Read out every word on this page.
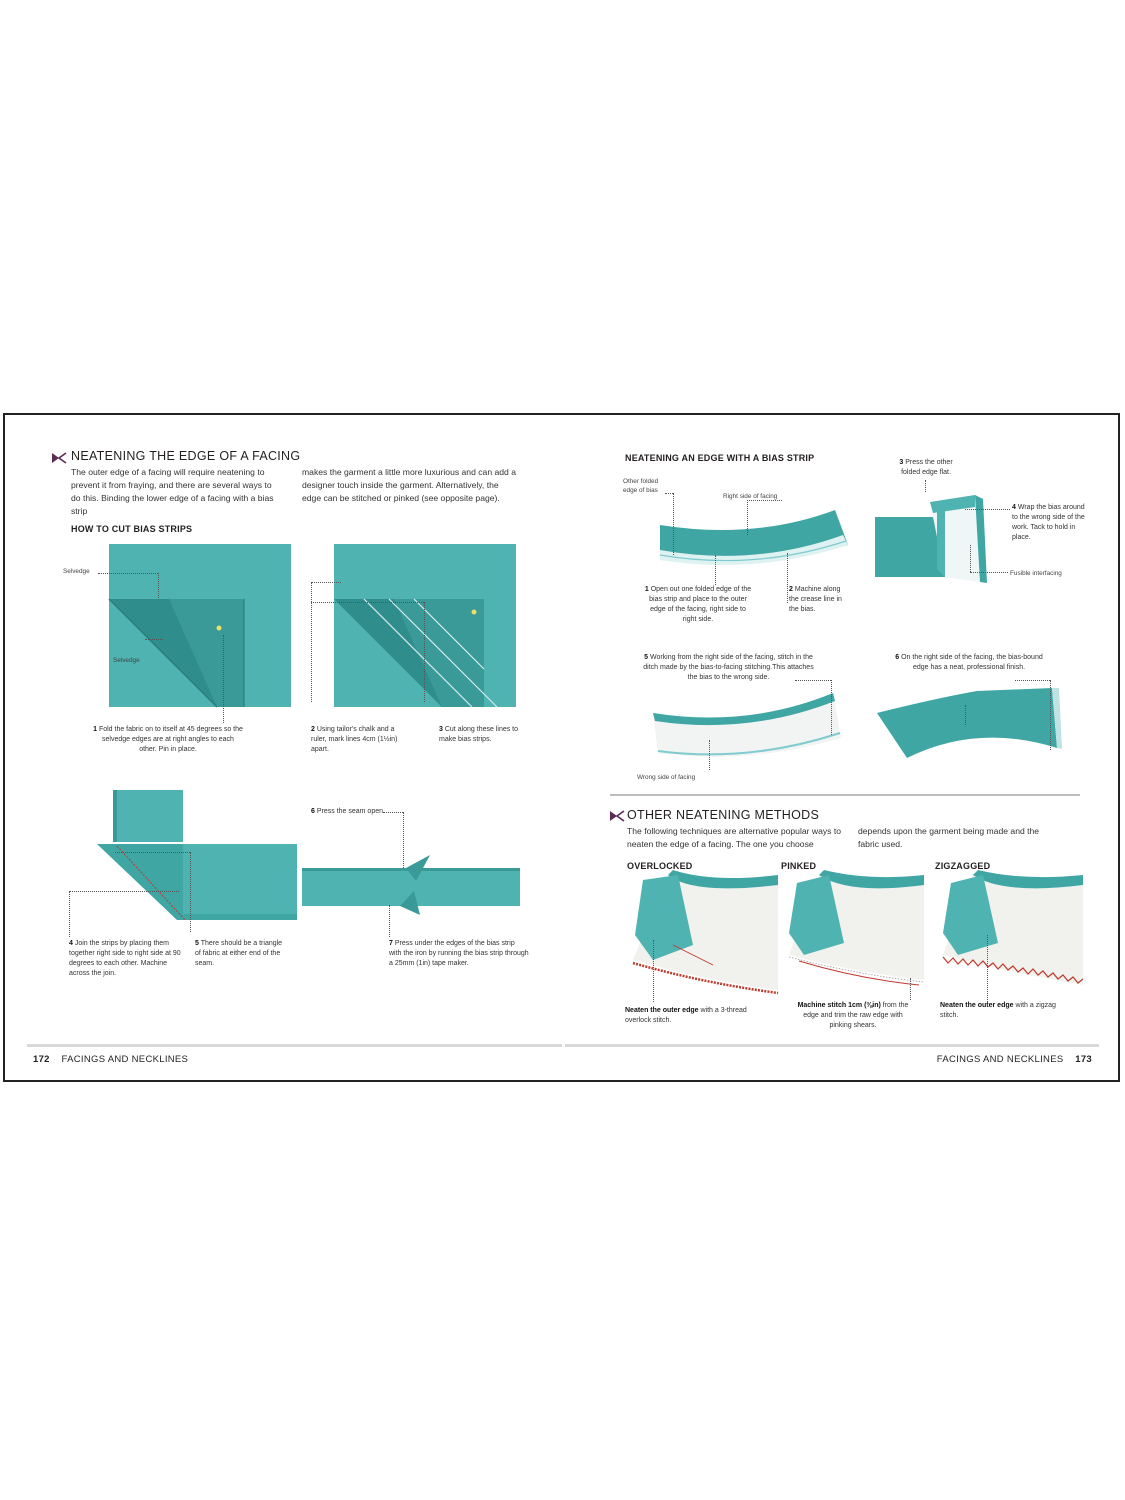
NEATENING THE EDGE OF A FACING
The outer edge of a facing will require neatening to prevent it from fraying, and there are several ways to do this. Binding the lower edge of a facing with a bias strip
makes the garment a little more luxurious and can add a designer touch inside the garment. Alternatively, the edge can be stitched or pinked (see opposite page).
HOW TO CUT BIAS STRIPS
Selvedge
Selvedge
1 Fold the fabric on to itself at 45 degrees so the selvedge edges are at right angles to each other. Pin in place.
2 Using tailor's chalk and a ruler, mark lines 4cm (1½in) apart.
3 Cut along these lines to make bias strips.
4 Join the strips by placing them together right side to right side at 90 degrees to each other. Machine across the join.
5 There should be a triangle of fabric at either end of the seam.
6 Press the seam open.
7 Press under the edges of the bias strip with the iron by running the bias strip through a 25mm (1in) tape maker.
172 FACINGS AND NECKLINES
NEATENING AN EDGE WITH A BIAS STRIP
Other folded edge of bias
Right side of facing
1 Open out one folded edge of the bias strip and place to the outer edge of the facing, right side to right side.
2 Machine along the crease line in the bias.
3 Press the other folded edge flat.
4 Wrap the bias around to the wrong side of the work. Tack to hold in place.
Fusible interfacing
5 Working from the right side of the facing, stitch in the ditch made by the bias-to-facing stitching.This attaches the bias to the wrong side.
Wrong side of facing
6 On the right side of the facing, the bias-bound edge has a neat, professional finish.
OTHER NEATENING METHODS
The following techniques are alternative popular ways to neaten the edge of a facing. The one you choose
depends upon the garment being made and the fabric used.
OVERLOCKED	PINKED	ZIGZAGGED
Neaten the outer edge with a 3-thread overlock stitch.
Machine stitch 1cm (⅜in) from the edge and trim the raw edge with pinking shears.
Neaten the outer edge with a zigzag stitch.
FACINGS AND NECKLINES 173
